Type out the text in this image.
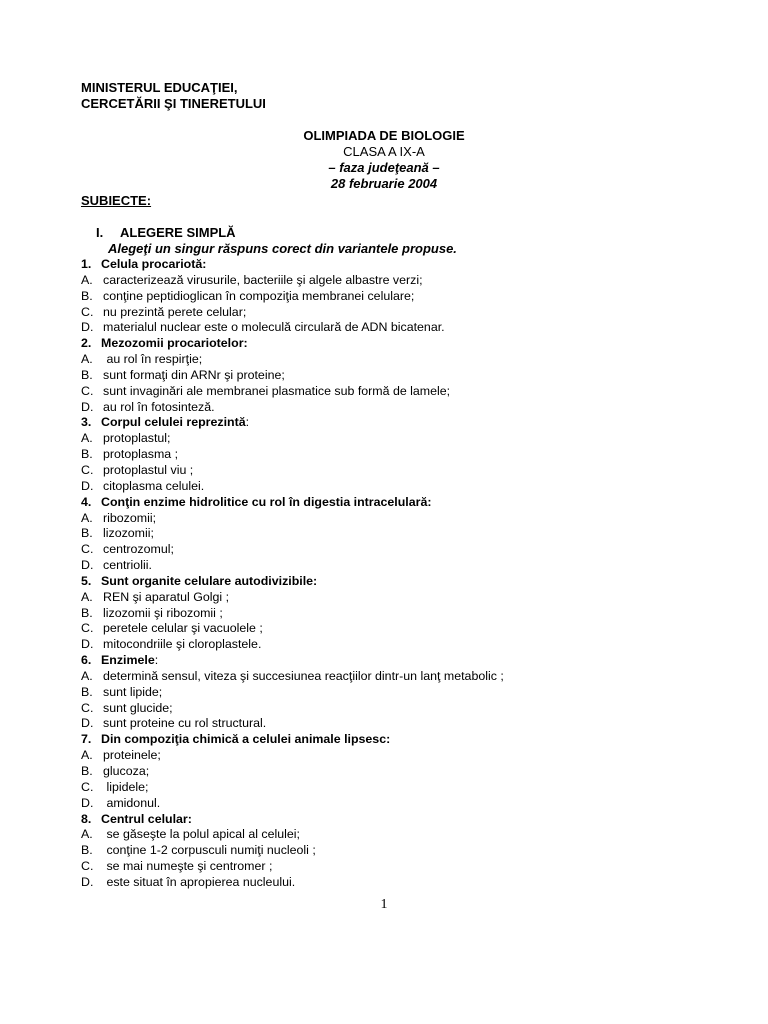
MINISTERUL EDUCAŢIEI,
CERCETĂRII ŞI TINERETULUI
OLIMPIADA DE BIOLOGIE
CLASA A IX-A
– faza judeţeană –
28 februarie 2004
SUBIECTE:
I. ALEGERE SIMPLĂ
Alegeţi un singur răspuns corect din variantele propuse.
1. Celula procariotă:
A. caracterizează virusurile, bacteriile şi algele albastre verzi;
B. conţine peptidioglican în compoziţia membranei celulare;
C. nu prezintă perete celular;
D. materialul nuclear este o moleculă circulară de ADN bicatenar.
2. Mezozomii procariotelor:
A. au rol în respirţie;
B. sunt formaţi din ARNr şi proteine;
C. sunt invaginări ale membranei plasmatice sub formă de lamele;
D. au rol în fotosinteză.
3. Corpul celulei reprezintă:
A. protoplastul;
B. protoplasma ;
C. protoplastul viu ;
D. citoplasma celulei.
4. Conţin enzime hidrolitice cu rol în digestia intracelulară:
A. ribozomii;
B. lizozomii;
C. centrozomul;
D. centriolii.
5. Sunt organite celulare autodivizibile:
A. REN şi aparatul Golgi ;
B. lizozomii şi ribozomii ;
C. peretele celular şi vacuolele ;
D. mitocondriile şi cloroplastele.
6. Enzimele:
A. determină sensul, viteza şi succesiunea reacţiilor dintr-un lanţ metabolic ;
B. sunt lipide;
C. sunt glucide;
D. sunt proteine cu rol structural.
7. Din compoziţia chimică a celulei animale lipsesc:
A. proteinele;
B. glucoza;
C. lipidele;
D. amidonul.
8. Centrul celular:
A. se găseşte la polul apical al celulei;
B. conţine 1-2 corpusculi numiţi nucleoli ;
C. se mai numeşte şi centromer ;
D. este situat în apropierea nucleului.
1
